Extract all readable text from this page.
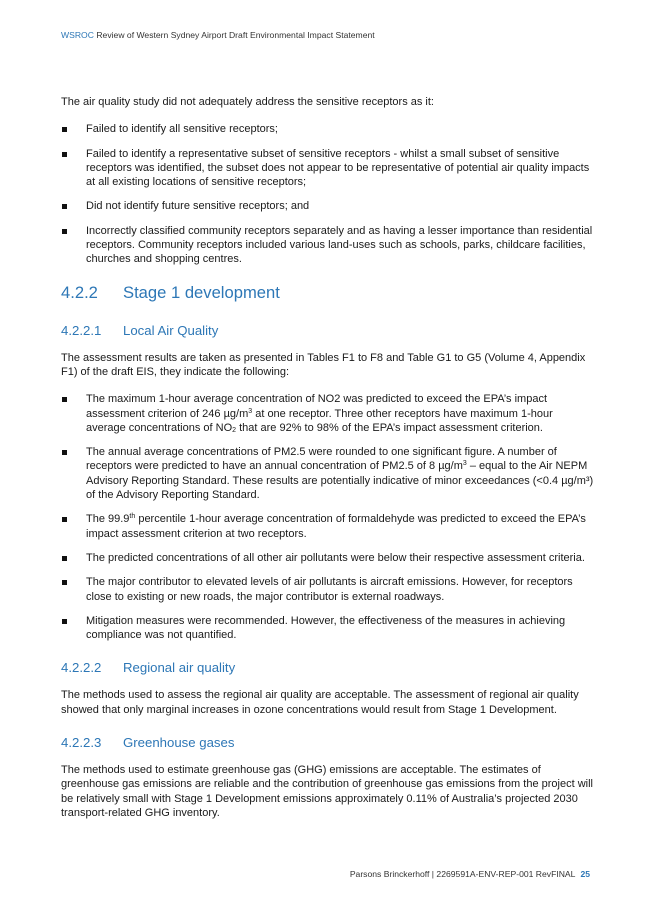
WSROC Review of Western Sydney Airport Draft Environmental Impact Statement

The air quality study did not adequately address the sensitive receptors as it:

Failed to identify all sensitive receptors;
Failed to identify a representative subset of sensitive receptors - whilst a small subset of sensitive receptors was identified, the subset does not appear to be representative of potential air quality impacts at all existing locations of sensitive receptors;
Did not identify future sensitive receptors; and
Incorrectly classified community receptors separately and as having a lesser importance than residential receptors. Community receptors included various land-uses such as schools, parks, childcare facilities, churches and shopping centres.
4.2.2	Stage 1 development
4.2.2.1	Local Air Quality

The assessment results are taken as presented in Tables F1 to F8 and Table G1 to G5 (Volume 4, Appendix F1) of the draft EIS, they indicate the following:

The maximum 1-hour average concentration of NO2 was predicted to exceed the EPA’s impact assessment criterion of 246 $\mu g/m^3$ at one receptor. Three other receptors have maximum 1-hour average concentrations of $NO_2$ that are 92% to 98% of the EPA’s impact assessment criterion.
The annual average concentrations of PM2.5 were rounded to one significant figure. A number of receptors were predicted to have an annual concentration of PM2.5 of 8 $\mu g/m^3$ – equal to the Air NEPM Advisory Reporting Standard. These results are potentially indicative of minor exceedances (<0.4 µg/m³) of the Advisory Reporting Standard.
The 99.9th percentile 1-hour average concentration of formaldehyde was predicted to exceed the EPA’s impact assessment criterion at two receptors.
The predicted concentrations of all other air pollutants were below their respective assessment criteria.
The major contributor to elevated levels of air pollutants is aircraft emissions. However, for receptors close to existing or new roads, the major contributor is external roadways.
Mitigation measures were recommended. However, the effectiveness of the measures in achieving compliance was not quantified.
4.2.2.2	Regional air quality

The methods used to assess the regional air quality are acceptable. The assessment of regional air quality showed that only marginal increases in ozone concentrations would result from Stage 1 Development.

4.2.2.3	Greenhouse gases

The methods used to estimate greenhouse gas (GHG) emissions are acceptable. The estimates of greenhouse gas emissions are reliable and the contribution of greenhouse gas emissions from the project will be relatively small with Stage 1 Development emissions approximately 0.11% of Australia’s projected 2030 transport-related GHG inventory.

Parsons Brinckerhoff | 2269591A-ENV-REP-001 RevFINAL 25
